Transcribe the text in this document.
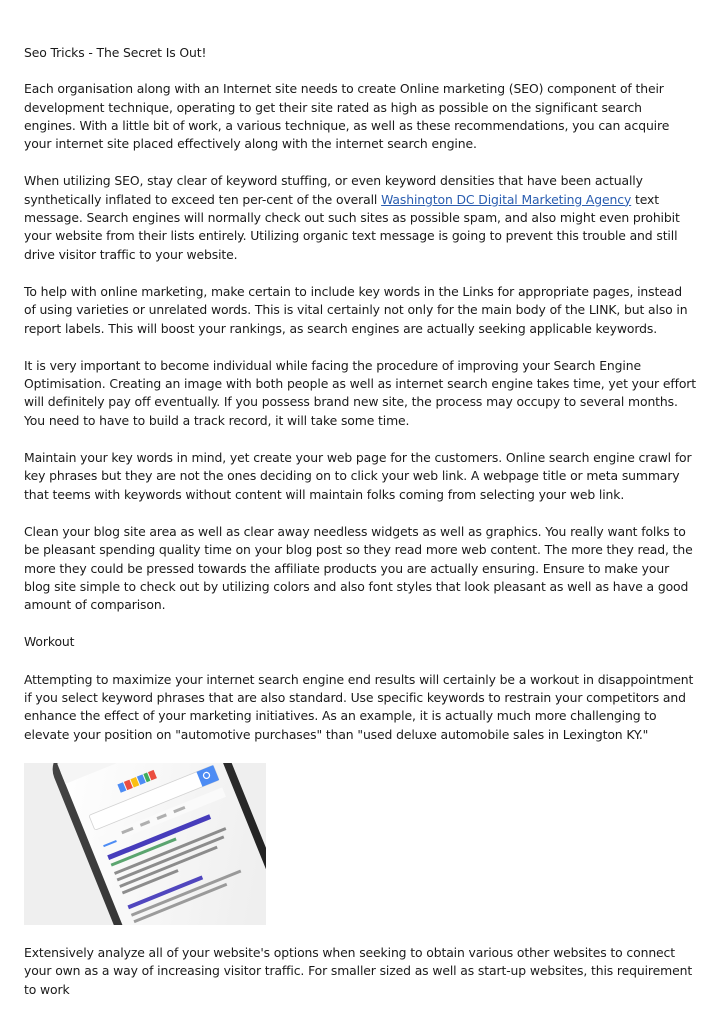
Seo Tricks - The Secret Is Out!

Each organisation along with an Internet site needs to create Online marketing (SEO) component of their development technique, operating to get their site rated as high as possible on the significant search engines. With a little bit of work, a various technique, as well as these recommendations, you can acquire your internet site placed effectively along with the internet search engine.

When utilizing SEO, stay clear of keyword stuffing, or even keyword densities that have been actually synthetically inflated to exceed ten per-cent of the overall Washington DC Digital Marketing Agency text message. Search engines will normally check out such sites as possible spam, and also might even prohibit your website from their lists entirely. Utilizing organic text message is going to prevent this trouble and still drive visitor traffic to your website.

To help with online marketing, make certain to include key words in the Links for appropriate pages, instead of using varieties or unrelated words. This is vital certainly not only for the main body of the LINK, but also in report labels. This will boost your rankings, as search engines are actually seeking applicable keywords.

It is very important to become individual while facing the procedure of improving your Search Engine Optimisation. Creating an image with both people as well as internet search engine takes time, yet your effort will definitely pay off eventually. If you possess brand new site, the process may occupy to several months. You need to have to build a track record, it will take some time.

Maintain your key words in mind, yet create your web page for the customers. Online search engine crawl for key phrases but they are not the ones deciding on to click your web link. A webpage title or meta summary that teems with keywords without content will maintain folks coming from selecting your web link.

Clean your blog site area as well as clear away needless widgets as well as graphics. You really want folks to be pleasant spending quality time on your blog post so they read more web content. The more they read, the more they could be pressed towards the affiliate products you are actually ensuring. Ensure to make your blog site simple to check out by utilizing colors and also font styles that look pleasant as well as have a good amount of comparison.

Workout

Attempting to maximize your internet search engine end results will certainly be a workout in disappointment if you select keyword phrases that are also standard. Use specific keywords to restrain your competitors and enhance the effect of your marketing initiatives. As an example, it is actually much more challenging to elevate your position on "automotive purchases" than "used deluxe automobile sales in Lexington KY."

Extensively analyze all of your website's options when seeking to obtain various other websites to connect your own as a way of increasing visitor traffic. For smaller sized as well as start-up websites, this requirement to work
